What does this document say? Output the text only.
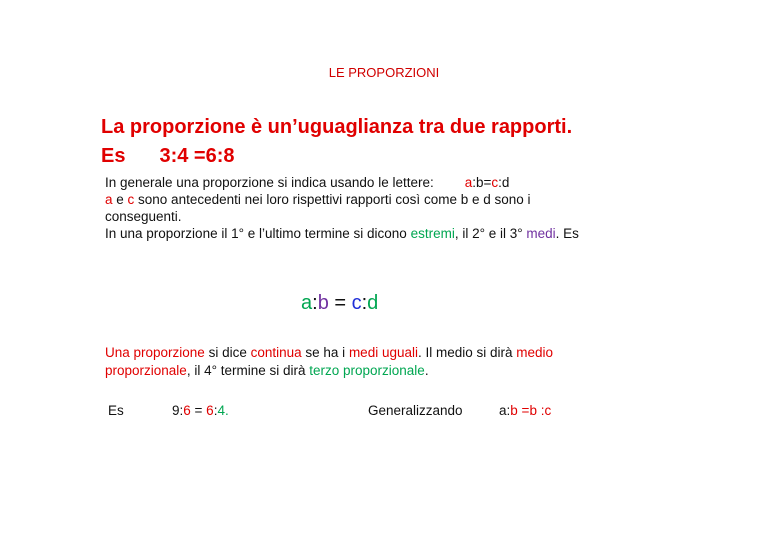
LE PROPORZIONI
La proporzione è un’uguaglianza tra due rapporti.
Es 3:4 =6:8
In generale una proporzione si indica usando le lettere: a:b=c:d
a e c sono antecedenti nei loro rispettivi rapporti così come b e d sono i
conseguenti.
In una proporzione il 1° e l’ultimo termine si dicono estremi, il 2° e il 3° medi. Es
a:b = c:d
Una proporzione si dice continua se ha i medi uguali. Il medio si dirà medio
proporzionale, il 4° termine si dirà terzo proporzionale.
Es	9:6 = 6:4.	Generalizzando	a:b =b :c
